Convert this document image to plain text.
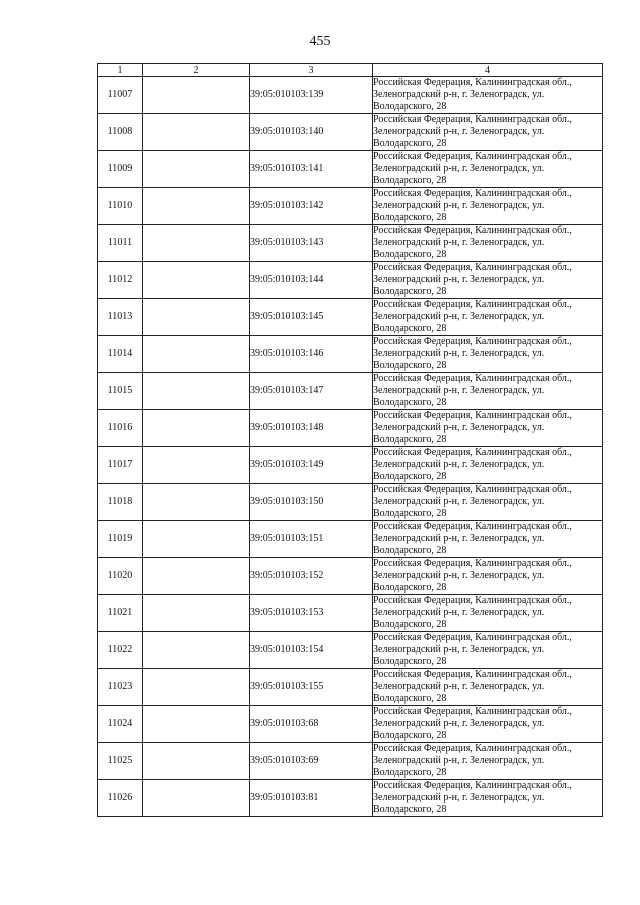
455
1	2	3	4
11007		39:05:010103:139	Российская Федерация, Калининградская обл.,
Зеленоградский р-н, г. Зеленоградск, ул.
Володарского, 28

11008		39:05:010103:140	Российская Федерация, Калининградская обл.,
Зеленоградский р-н, г. Зеленоградск, ул.
Володарского, 28

11009		39:05:010103:141	Российская Федерация, Калининградская обл.,
Зеленоградский р-н, г. Зеленоградск, ул.
Володарского, 28

11010		39:05:010103:142	Российская Федерация, Калининградская обл.,
Зеленоградский р-н, г. Зеленоградск, ул.
Володарского, 28

11011		39:05:010103:143	Российская Федерация, Калининградская обл.,
Зеленоградский р-н, г. Зеленоградск, ул.
Володарского, 28

11012		39:05:010103:144	Российская Федерация, Калининградская обл.,
Зеленоградский р-н, г. Зеленоградск, ул.
Володарского, 28

11013		39:05:010103:145	Российская Федерация, Калининградская обл.,
Зеленоградский р-н, г. Зеленоградск, ул.
Володарского, 28

11014		39:05:010103:146	Российская Федерация, Калининградская обл.,
Зеленоградский р-н, г. Зеленоградск, ул.
Володарского, 28

11015		39:05:010103:147	Российская Федерация, Калининградская обл.,
Зеленоградский р-н, г. Зеленоградск, ул.
Володарского, 28

11016		39:05:010103:148	Российская Федерация, Калининградская обл.,
Зеленоградский р-н, г. Зеленоградск, ул.
Володарского, 28

11017		39:05:010103:149	Российская Федерация, Калининградская обл.,
Зеленоградский р-н, г. Зеленоградск, ул.
Володарского, 28

11018		39:05:010103:150	Российская Федерация, Калининградская обл.,
Зеленоградский р-н, г. Зеленоградск, ул.
Володарского, 28

11019		39:05:010103:151	Российская Федерация, Калининградская обл.,
Зеленоградский р-н, г. Зеленоградск, ул.
Володарского, 28

11020		39:05:010103:152	Российская Федерация, Калининградская обл.,
Зеленоградский р-н, г. Зеленоградск, ул.
Володарского, 28

11021		39:05:010103:153	Российская Федерация, Калининградская обл.,
Зеленоградский р-н, г. Зеленоградск, ул.
Володарского, 28

11022		39:05:010103:154	Российская Федерация, Калининградская обл.,
Зеленоградский р-н, г. Зеленоградск, ул.
Володарского, 28

11023		39:05:010103:155	Российская Федерация, Калининградская обл.,
Зеленоградский р-н, г. Зеленоградск, ул.
Володарского, 28

11024		39:05:010103:68	Российская Федерация, Калининградская обл.,
Зеленоградский р-н, г. Зеленоградск, ул.
Володарского, 28

11025		39:05:010103:69	Российская Федерация, Калининградская обл.,
Зеленоградский р-н, г. Зеленоградск, ул.
Володарского, 28

11026		39:05:010103:81	Российская Федерация, Калининградская обл.,
Зеленоградский р-н, г. Зеленоградск, ул.
Володарского, 28
